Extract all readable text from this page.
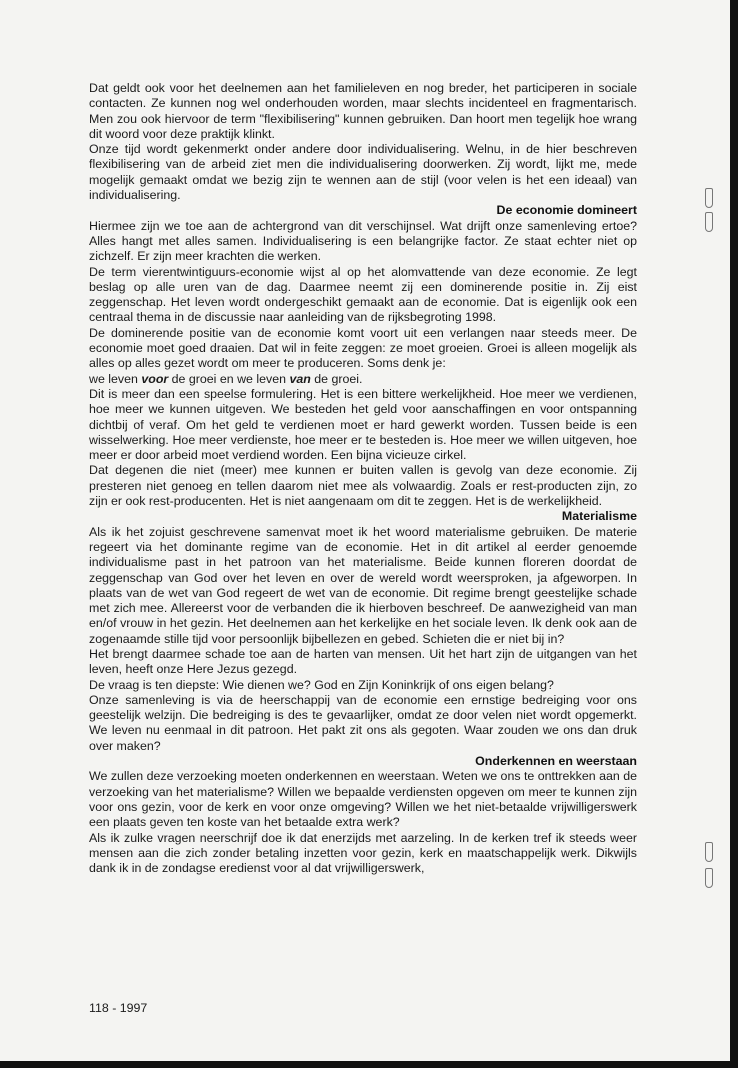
Dat geldt ook voor het deelnemen aan het familieleven en nog breder, het participeren in sociale contacten. Ze kunnen nog wel onderhouden worden, maar slechts incidenteel en fragmentarisch. Men zou ook hiervoor de term "flexibilisering" kunnen gebruiken. Dan hoort men tegelijk hoe wrang dit woord voor deze praktijk klinkt.

Onze tijd wordt gekenmerkt onder andere door individualisering. Welnu, in de hier beschreven flexibilisering van de arbeid ziet men die individualisering doorwerken. Zij wordt, lijkt me, mede mogelijk gemaakt omdat we bezig zijn te wennen aan de stijl (voor velen is het een ideaal) van individualisering.

De economie domineert

Hiermee zijn we toe aan de achtergrond van dit verschijnsel. Wat drijft onze samenleving ertoe? Alles hangt met alles samen. Individualisering is een belangrijke factor. Ze staat echter niet op zichzelf. Er zijn meer krachten die werken.

De term vierentwintiguurs-economie wijst al op het alomvattende van deze economie. Ze legt beslag op alle uren van de dag. Daarmee neemt zij een dominerende positie in. Zij eist zeggenschap. Het leven wordt ondergeschikt gemaakt aan de economie. Dat is eigenlijk ook een centraal thema in de discussie naar aanleiding van de rijksbegroting 1998.

De dominerende positie van de economie komt voort uit een verlangen naar steeds meer. De economie moet goed draaien. Dat wil in feite zeggen: ze moet groeien. Groei is alleen mogelijk als alles op alles gezet wordt om meer te produceren. Soms denk je:

we leven voor de groei en we leven van de groei.

Dit is meer dan een speelse formulering. Het is een bittere werkelijkheid. Hoe meer we verdienen, hoe meer we kunnen uitgeven. We besteden het geld voor aanschaffingen en voor ontspanning dichtbij of veraf. Om het geld te verdienen moet er hard gewerkt worden. Tussen beide is een wisselwerking. Hoe meer verdienste, hoe meer er te besteden is. Hoe meer we willen uitgeven, hoe meer er door arbeid moet verdiend worden. Een bijna vicieuze cirkel.

Dat degenen die niet (meer) mee kunnen er buiten vallen is gevolg van deze economie. Zij presteren niet genoeg en tellen daarom niet mee als volwaardig. Zoals er rest-producten zijn, zo zijn er ook rest-producenten. Het is niet aangenaam om dit te zeggen. Het is de werkelijkheid.

Materialisme

Als ik het zojuist geschrevene samenvat moet ik het woord materialisme gebruiken. De materie regeert via het dominante regime van de economie. Het in dit artikel al eerder genoemde individualisme past in het patroon van het materialisme. Beide kunnen floreren doordat de zeggenschap van God over het leven en over de wereld wordt weersproken, ja afgeworpen. In plaats van de wet van God regeert de wet van de economie. Dit regime brengt geestelijke schade met zich mee. Allereerst voor de verbanden die ik hierboven beschreef. De aanwezigheid van man en/of vrouw in het gezin. Het deelnemen aan het kerkelijke en het sociale leven. Ik denk ook aan de zogenaamde stille tijd voor persoonlijk bijbellezen en gebed. Schieten die er niet bij in?

Het brengt daarmee schade toe aan de harten van mensen. Uit het hart zijn de uitgangen van het leven, heeft onze Here Jezus gezegd.

De vraag is ten diepste: Wie dienen we? God en Zijn Koninkrijk of ons eigen belang?

Onze samenleving is via de heerschappij van de economie een ernstige bedreiging voor ons geestelijk welzijn. Die bedreiging is des te gevaarlijker, omdat ze door velen niet wordt opgemerkt. We leven nu eenmaal in dit patroon. Het pakt zit ons als gegoten. Waar zouden we ons dan druk over maken?

Onderkennen en weerstaan

We zullen deze verzoeking moeten onderkennen en weerstaan. Weten we ons te onttrekken aan de verzoeking van het materialisme? Willen we bepaalde verdiensten opgeven om meer te kunnen zijn voor ons gezin, voor de kerk en voor onze omgeving? Willen we het niet-betaalde vrijwilligerswerk een plaats geven ten koste van het betaalde extra werk?

Als ik zulke vragen neerschrijf doe ik dat enerzijds met aarzeling. In de kerken tref ik steeds weer mensen aan die zich zonder betaling inzetten voor gezin, kerk en maatschappelijk werk. Dikwijls dank ik in de zondagse eredienst voor al dat vrijwilligerswerk,

118 - 1997
